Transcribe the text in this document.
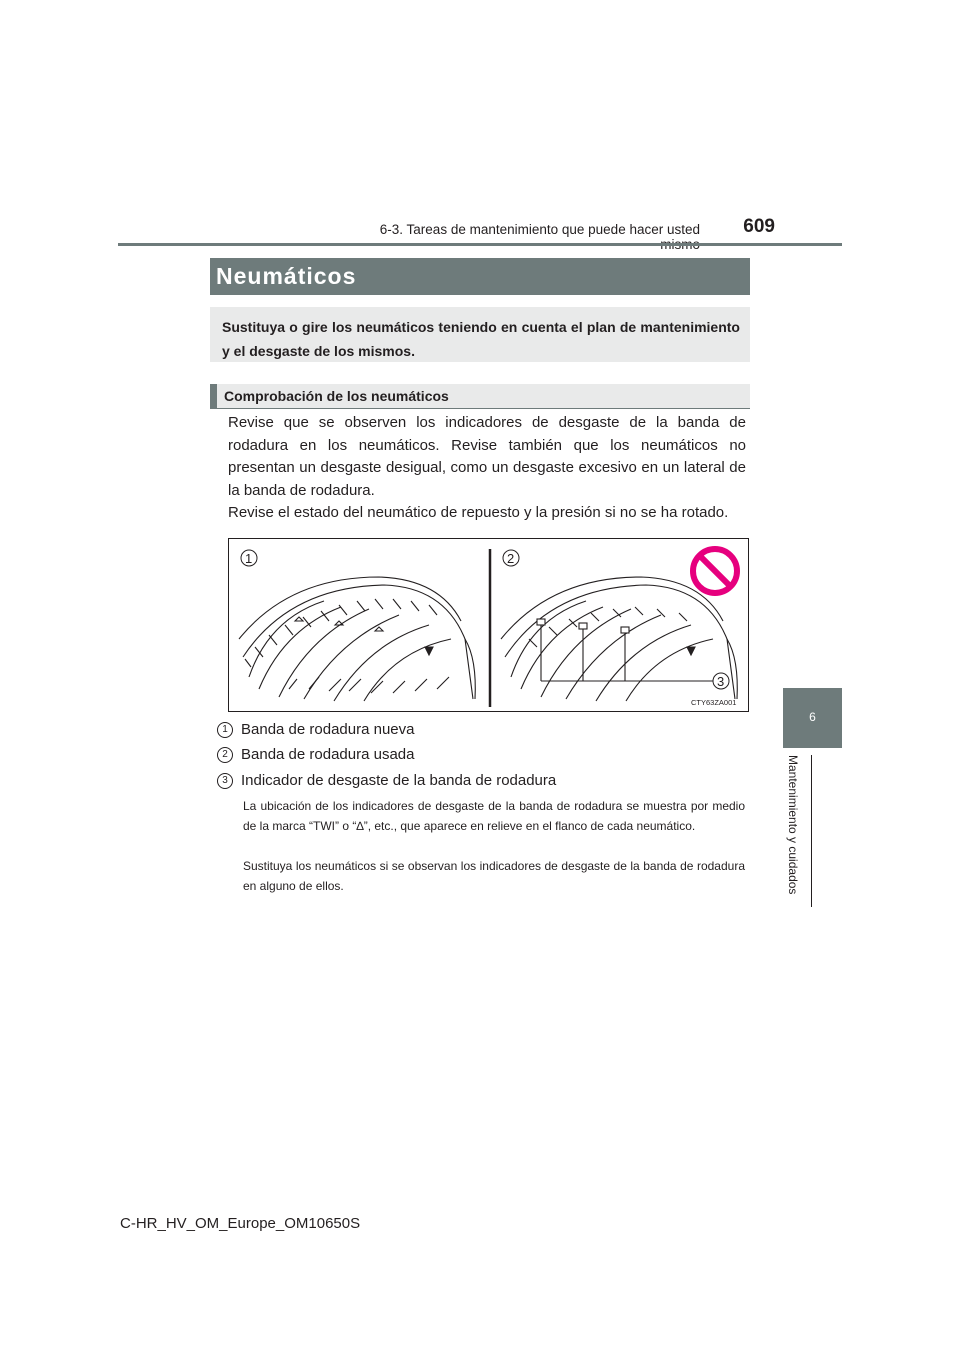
6-3. Tareas de mantenimiento que puede hacer usted	609
6
Mantenimiento y cuidados
Neumáticos
Sustituya o gire los neumáticos teniendo en cuenta el plan de mantenimiento y el desgaste de los mismos.
Comprobación de los neumáticos
Revise que se observen los indicadores de desgaste de la banda de rodadura en los neumáticos. Revise también que los neumáticos no presentan un desgaste desigual, como un desgaste excesivo en un lateral de la banda de rodadura.
Revise el estado del neumático de repuesto y la presión si no se ha rotado.
1	2
3
CTY63ZA001
1 Banda de rodadura nueva
2 Banda de rodadura usada
3 Indicador de desgaste de la banda de rodadura
La ubicación de los indicadores de desgaste de la banda de rodadura se muestra por medio de la marca “TWI” o “∆”, etc., que aparece en relieve en el flanco de cada neumático.
Sustituya los neumáticos si se observan los indicadores de desgaste de la banda de rodadura en alguno de ellos.
C-HR_HV_OM_Europe_OM10650S
